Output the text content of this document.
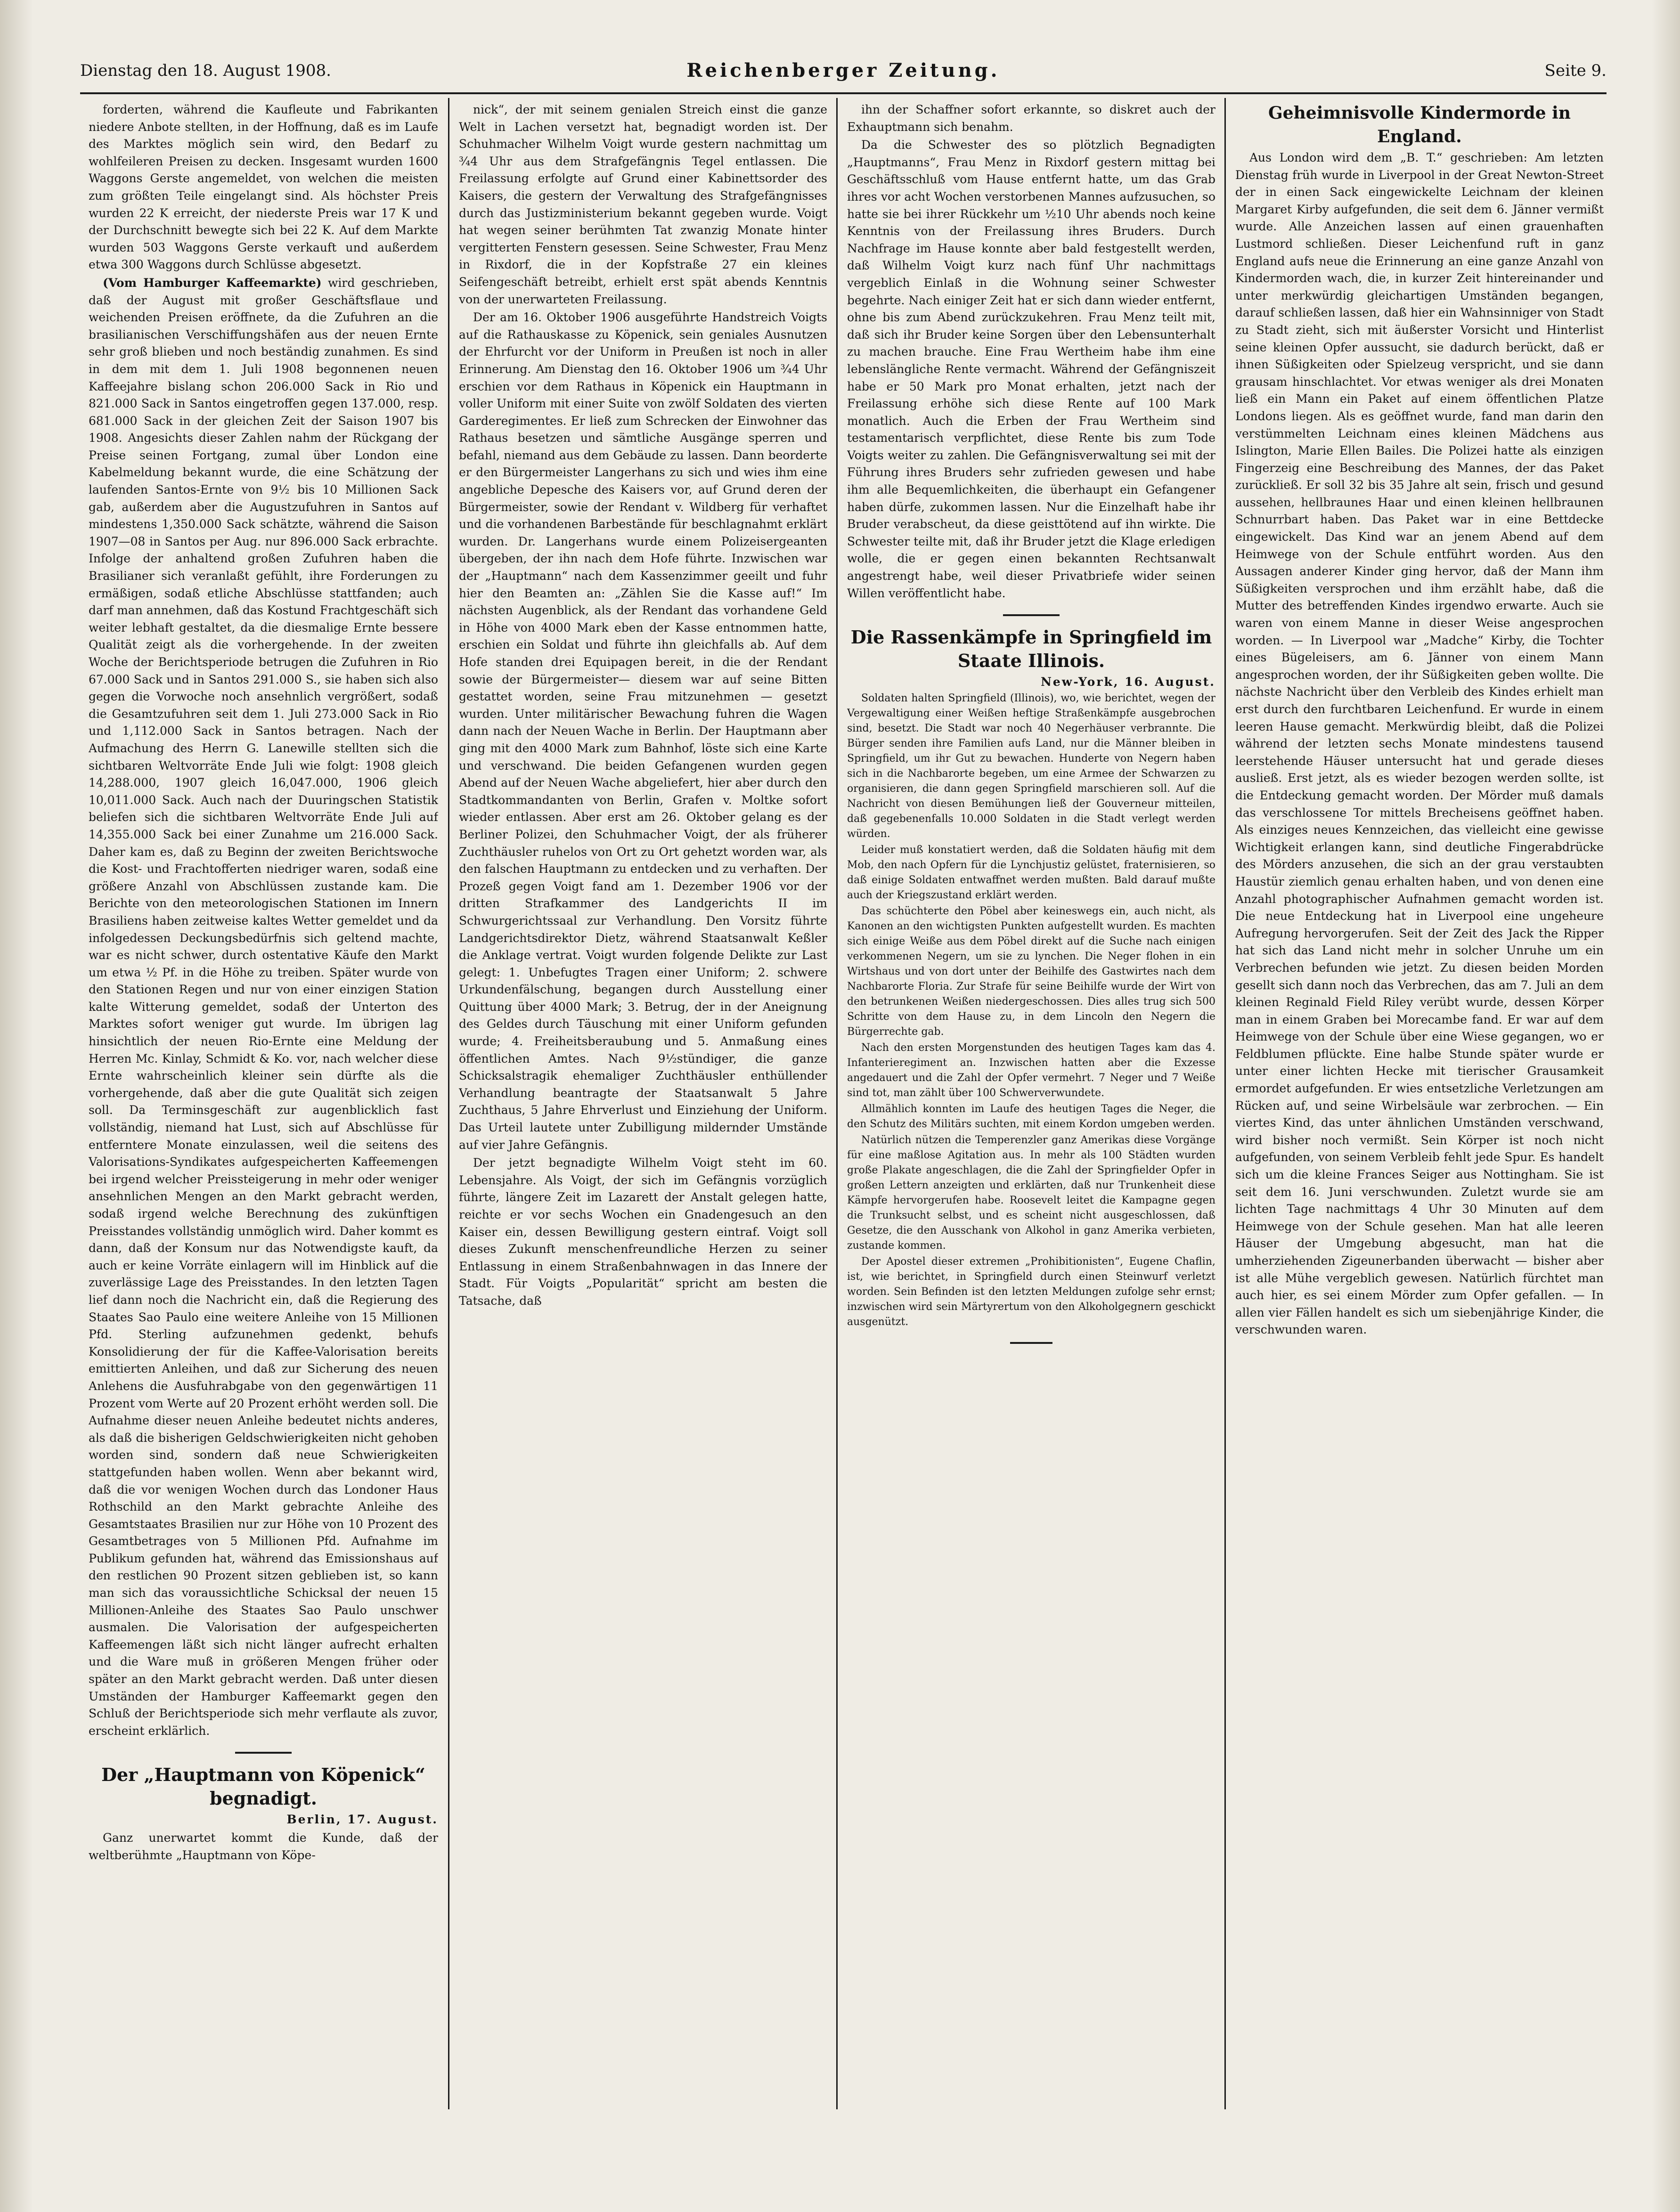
Dienstag den 18. August 1908.	Reichenberger Zeitung.	Seite 9.

forderten, während die Kaufleute und Fabrikanten niedere Anbote stellten, in der Hoffnung, daß es im Laufe des Marktes möglich sein wird, den Bedarf zu wohlfeileren Preisen zu decken. Insgesamt wurden 1600 Waggons Gerste angemeldet, von welchen die meisten zum größten Teile eingelangt sind. Als höchster Preis wurden 22 K erreicht, der niederste Preis war 17 K und der Durchschnitt bewegte sich bei 22 K. Auf dem Markte wurden 503 Waggons Gerste verkauft und außerdem etwa 300 Waggons durch Schlüsse abgesetzt.

(Vom Hamburger Kaffeemarkte) wird geschrieben, daß der August mit großer Geschäftsflaue und weichenden Preisen eröffnete, da die Zufuhren an die brasilianischen Verschiffungshäfen aus der neuen Ernte sehr groß blieben und noch beständig zunahmen. Es sind in dem mit dem 1. Juli 1908 begonnenen neuen Kaffeejahre bislang schon 206.000 Sack in Rio und 821.000 Sack in Santos eingetroffen gegen 137.000, resp. 681.000 Sack in der gleichen Zeit der Saison 1907 bis 1908. Angesichts dieser Zahlen nahm der Rückgang der Preise seinen Fortgang, zumal über London eine Kabelmeldung bekannt wurde, die eine Schätzung der laufenden Santos-Ernte von 9½ bis 10 Millionen Sack gab, außerdem aber die Augustzufuhren in Santos auf mindestens 1,350.000 Sack schätzte, während die Saison 1907—08 in Santos per Aug. nur 896.000 Sack erbrachte. Infolge der anhaltend großen Zufuhren haben die Brasilianer sich veranlaßt gefühlt, ihre Forderungen zu ermäßigen, sodaß etliche Abschlüsse stattfanden; auch darf man annehmen, daß das Kostund Frachtgeschäft sich weiter lebhaft gestaltet, da die diesmalige Ernte bessere Qualität zeigt als die vorhergehende. In der zweiten Woche der Berichtsperiode betrugen die Zufuhren in Rio 67.000 Sack und in Santos 291.000 S., sie haben sich also gegen die Vorwoche noch ansehnlich vergrößert, sodaß die Gesamtzufuhren seit dem 1. Juli 273.000 Sack in Rio und 1,112.000 Sack in Santos betragen. Nach der Aufmachung des Herrn G. Lanewille stellten sich die sichtbaren Weltvorräte Ende Juli wie folgt: 1908 gleich 14,288.000, 1907 gleich 16,047.000, 1906 gleich 10,011.000 Sack. Auch nach der Duuringschen Statistik beliefen sich die sichtbaren Weltvorräte Ende Juli auf 14,355.000 Sack bei einer Zunahme um 216.000 Sack. Daher kam es, daß zu Beginn der zweiten Berichtswoche die Kost- und Frachtofferten niedriger waren, sodaß eine größere Anzahl von Abschlüssen zustande kam. Die Berichte von den meteorologischen Stationen im Innern Brasiliens haben zeitweise kaltes Wetter gemeldet und da infolgedessen Deckungsbedürfnis sich geltend machte, war es nicht schwer, durch ostentative Käufe den Markt um etwa ½ Pf. in die Höhe zu treiben. Später wurde von den Stationen Regen und nur von einer einzigen Station kalte Witterung gemeldet, sodaß der Unterton des Marktes sofort weniger gut wurde. Im übrigen lag hinsichtlich der neuen Rio-Ernte eine Meldung der Herren Mc. Kinlay, Schmidt & Ko. vor, nach welcher diese Ernte wahrscheinlich kleiner sein dürfte als die vorhergehende, daß aber die gute Qualität sich zeigen soll. Da Terminsgeschäft zur augenblicklich fast vollständig, niemand hat Lust, sich auf Abschlüsse für entferntere Monate einzulassen, weil die seitens des Valorisations-Syndikates aufgespeicherten Kaffeemengen bei irgend welcher Preissteigerung in mehr oder weniger ansehnlichen Mengen an den Markt gebracht werden, sodaß irgend welche Berechnung des zukünftigen Preisstandes vollständig unmöglich wird. Daher kommt es dann, daß der Konsum nur das Notwendigste kauft, da auch er keine Vorräte einlagern will im Hinblick auf die zuverlässige Lage des Preisstandes. In den letzten Tagen lief dann noch die Nachricht ein, daß die Regierung des Staates Sao Paulo eine weitere Anleihe von 15 Millionen Pfd. Sterling aufzunehmen gedenkt, behufs Konsolidierung der für die Kaffee-Valorisation bereits emittierten Anleihen, und daß zur Sicherung des neuen Anlehens die Ausfuhrabgabe von den gegenwärtigen 11 Prozent vom Werte auf 20 Prozent erhöht werden soll. Die Aufnahme dieser neuen Anleihe bedeutet nichts anderes, als daß die bisherigen Geldschwierigkeiten nicht gehoben worden sind, sondern daß neue Schwierigkeiten stattgefunden haben wollen. Wenn aber bekannt wird, daß die vor wenigen Wochen durch das Londoner Haus Rothschild an den Markt gebrachte Anleihe des Gesamtstaates Brasilien nur zur Höhe von 10 Prozent des Gesamtbetrages von 5 Millionen Pfd. Aufnahme im Publikum gefunden hat, während das Emissionshaus auf den restlichen 90 Prozent sitzen geblieben ist, so kann man sich das voraussichtliche Schicksal der neuen 15 Millionen-Anleihe des Staates Sao Paulo unschwer ausmalen. Die Valorisation der aufgespeicherten Kaffeemengen läßt sich nicht länger aufrecht erhalten und die Ware muß in größeren Mengen früher oder später an den Markt gebracht werden. Daß unter diesen Umständen der Hamburger Kaffeemarkt gegen den Schluß der Berichtsperiode sich mehr verflaute als zuvor, erscheint erklärlich.

Der „Hauptmann von Köpenick“ begnadigt.

Berlin, 17. August.

Ganz unerwartet kommt die Kunde, daß der weltberühmte „Hauptmann von Köpe-

nick“, der mit seinem genialen Streich einst die ganze Welt in Lachen versetzt hat, begnadigt worden ist. Der Schuhmacher Wilhelm Voigt wurde gestern nachmittag um ¾4 Uhr aus dem Strafgefängnis Tegel entlassen. Die Freilassung erfolgte auf Grund einer Kabinettsorder des Kaisers, die gestern der Verwaltung des Strafgefängnisses durch das Justizministerium bekannt gegeben wurde. Voigt hat wegen seiner berühmten Tat zwanzig Monate hinter vergitterten Fenstern gesessen. Seine Schwester, Frau Menz in Rixdorf, die in der Kopfstraße 27 ein kleines Seifengeschäft betreibt, erhielt erst spät abends Kenntnis von der unerwarteten Freilassung.

Der am 16. Oktober 1906 ausgeführte Handstreich Voigts auf die Rathauskasse zu Köpenick, sein geniales Ausnutzen der Ehrfurcht vor der Uniform in Preußen ist noch in aller Erinnerung. Am Dienstag den 16. Oktober 1906 um ¾4 Uhr erschien vor dem Rathaus in Köpenick ein Hauptmann in voller Uniform mit einer Suite von zwölf Soldaten des vierten Garderegimentes. Er ließ zum Schrecken der Einwohner das Rathaus besetzen und sämtliche Ausgänge sperren und befahl, niemand aus dem Gebäude zu lassen. Dann beorderte er den Bürgermeister Langerhans zu sich und wies ihm eine angebliche Depesche des Kaisers vor, auf Grund deren der Bürgermeister, sowie der Rendant v. Wildberg für verhaftet und die vorhandenen Barbestände für beschlagnahmt erklärt wurden. Dr. Langerhans wurde einem Polizeisergeanten übergeben, der ihn nach dem Hofe führte. Inzwischen war der „Hauptmann“ nach dem Kassenzimmer geeilt und fuhr hier den Beamten an: „Zählen Sie die Kasse auf!“ Im nächsten Augenblick, als der Rendant das vorhandene Geld in Höhe von 4000 Mark eben der Kasse entnommen hatte, erschien ein Soldat und führte ihn gleichfalls ab. Auf dem Hofe standen drei Equipagen bereit, in die der Rendant sowie der Bürgermeister— diesem war auf seine Bitten gestattet worden, seine Frau mitzunehmen — gesetzt wurden. Unter militärischer Bewachung fuhren die Wagen dann nach der Neuen Wache in Berlin. Der Hauptmann aber ging mit den 4000 Mark zum Bahnhof, löste sich eine Karte und verschwand. Die beiden Gefangenen wurden gegen Abend auf der Neuen Wache abgeliefert, hier aber durch den Stadtkommandanten von Berlin, Grafen v. Moltke sofort wieder entlassen. Aber erst am 26. Oktober gelang es der Berliner Polizei, den Schuhmacher Voigt, der als früherer Zuchthäusler ruhelos von Ort zu Ort gehetzt worden war, als den falschen Hauptmann zu entdecken und zu verhaften. Der Prozeß gegen Voigt fand am 1. Dezember 1906 vor der dritten Strafkammer des Landgerichts II im Schwurgerichtssaal zur Verhandlung. Den Vorsitz führte Landgerichtsdirektor Dietz, während Staatsanwalt Keßler die Anklage vertrat. Voigt wurden folgende Delikte zur Last gelegt: 1. Unbefugtes Tragen einer Uniform; 2. schwere Urkundenfälschung, begangen durch Ausstellung einer Quittung über 4000 Mark; 3. Betrug, der in der Aneignung des Geldes durch Täuschung mit einer Uniform gefunden wurde; 4. Freiheitsberaubung und 5. Anmaßung eines öffentlichen Amtes. Nach 9½stündiger, die ganze Schicksalstragik ehemaliger Zuchthäusler enthüllender Verhandlung beantragte der Staatsanwalt 5 Jahre Zuchthaus, 5 Jahre Ehrverlust und Einziehung der Uniform. Das Urteil lautete unter Zubilligung mildernder Umstände auf vier Jahre Gefängnis.

Der jetzt begnadigte Wilhelm Voigt steht im 60. Lebensjahre. Als Voigt, der sich im Gefängnis vorzüglich führte, längere Zeit im Lazarett der Anstalt gelegen hatte, reichte er vor sechs Wochen ein Gnadengesuch an den Kaiser ein, dessen Bewilligung gestern eintraf. Voigt soll dieses Zukunft menschenfreundliche Herzen zu seiner Entlassung in einem Straßenbahnwagen in das Innere der Stadt. Für Voigts „Popularität“ spricht am besten die Tatsache, daß

ihn der Schaffner sofort erkannte, so diskret auch der Exhauptmann sich benahm.

Da die Schwester des so plötzlich Begnadigten „Hauptmanns“, Frau Menz in Rixdorf gestern mittag bei Geschäftsschluß vom Hause entfernt hatte, um das Grab ihres vor acht Wochen verstorbenen Mannes aufzusuchen, so hatte sie bei ihrer Rückkehr um ½10 Uhr abends noch keine Kenntnis von der Freilassung ihres Bruders. Durch Nachfrage im Hause konnte aber bald festgestellt werden, daß Wilhelm Voigt kurz nach fünf Uhr nachmittags vergeblich Einlaß in die Wohnung seiner Schwester begehrte. Nach einiger Zeit hat er sich dann wieder entfernt, ohne bis zum Abend zurückzukehren. Frau Menz teilt mit, daß sich ihr Bruder keine Sorgen über den Lebensunterhalt zu machen brauche. Eine Frau Wertheim habe ihm eine lebenslängliche Rente vermacht. Während der Gefängniszeit habe er 50 Mark pro Monat erhalten, jetzt nach der Freilassung erhöhe sich diese Rente auf 100 Mark monatlich. Auch die Erben der Frau Wertheim sind testamentarisch verpflichtet, diese Rente bis zum Tode Voigts weiter zu zahlen. Die Gefängnisverwaltung sei mit der Führung ihres Bruders sehr zufrieden gewesen und habe ihm alle Bequemlichkeiten, die überhaupt ein Gefangener haben dürfe, zukommen lassen. Nur die Einzelhaft habe ihr Bruder verabscheut, da diese geisttötend auf ihn wirkte. Die Schwester teilte mit, daß ihr Bruder jetzt die Klage erledigen wolle, die er gegen einen bekannten Rechtsanwalt angestrengt habe, weil dieser Privatbriefe wider seinen Willen veröffentlicht habe.

Die Rassenkämpfe in Springfield im Staate Illinois.

New-York, 16. August.

Soldaten halten Springfield (Illinois), wo, wie berichtet, wegen der Vergewaltigung einer Weißen heftige Straßenkämpfe ausgebrochen sind, besetzt. Die Stadt war noch 40 Negerhäuser verbrannte. Die Bürger senden ihre Familien aufs Land, nur die Männer bleiben in Springfield, um ihr Gut zu bewachen. Hunderte von Negern haben sich in die Nachbarorte begeben, um eine Armee der Schwarzen zu organisieren, die dann gegen Springfield marschieren soll. Auf die Nachricht von diesen Bemühungen ließ der Gouverneur mitteilen, daß gegebenenfalls 10.000 Soldaten in die Stadt verlegt werden würden.

Leider muß konstatiert werden, daß die Soldaten häufig mit dem Mob, den nach Opfern für die Lynchjustiz gelüstet, fraternisieren, so daß einige Soldaten entwaffnet werden mußten. Bald darauf mußte auch der Kriegszustand erklärt werden.

Das schüchterte den Pöbel aber keineswegs ein, auch nicht, als Kanonen an den wichtigsten Punkten aufgestellt wurden. Es machten sich einige Weiße aus dem Pöbel direkt auf die Suche nach einigen verkommenen Negern, um sie zu lynchen. Die Neger flohen in ein Wirtshaus und von dort unter der Beihilfe des Gastwirtes nach dem Nachbarorte Floria. Zur Strafe für seine Beihilfe wurde der Wirt von den betrunkenen Weißen niedergeschossen. Dies alles trug sich 500 Schritte von dem Hause zu, in dem Lincoln den Negern die Bürgerrechte gab.

Nach den ersten Morgenstunden des heutigen Tages kam das 4. Infanterieregiment an. Inzwischen hatten aber die Exzesse angedauert und die Zahl der Opfer vermehrt. 7 Neger und 7 Weiße sind tot, man zählt über 100 Schwerverwundete.

Allmählich konnten im Laufe des heutigen Tages die Neger, die den Schutz des Militärs suchten, mit einem Kordon umgeben werden.

Natürlich nützen die Temperenzler ganz Amerikas diese Vorgänge für eine maßlose Agitation aus. In mehr als 100 Städten wurden große Plakate angeschlagen, die die Zahl der Springfielder Opfer in großen Lettern anzeigten und erklärten, daß nur Trunkenheit diese Kämpfe hervorgerufen habe. Roosevelt leitet die Kampagne gegen die Trunksucht selbst, und es scheint nicht ausgeschlossen, daß Gesetze, die den Ausschank von Alkohol in ganz Amerika verbieten, zustande kommen.

Der Apostel dieser extremen „Prohibitionisten“, Eugene Chaflin, ist, wie berichtet, in Springfield durch einen Steinwurf verletzt worden. Sein Befinden ist den letzten Meldungen zufolge sehr ernst; inzwischen wird sein Märtyrertum von den Alkoholgegnern geschickt ausgenützt.

Geheimnisvolle Kindermorde in England.

Aus London wird dem „B. T.“ geschrieben: Am letzten Dienstag früh wurde in Liverpool in der Great Newton-Street der in einen Sack eingewickelte Leichnam der kleinen Margaret Kirby aufgefunden, die seit dem 6. Jänner vermißt wurde. Alle Anzeichen lassen auf einen grauenhaften Lustmord schließen. Dieser Leichenfund ruft in ganz England aufs neue die Erinnerung an eine ganze Anzahl von Kindermorden wach, die, in kurzer Zeit hintereinander und unter merkwürdig gleichartigen Umständen begangen, darauf schließen lassen, daß hier ein Wahnsinniger von Stadt zu Stadt zieht, sich mit äußerster Vorsicht und Hinterlist seine kleinen Opfer aussucht, sie dadurch berückt, daß er ihnen Süßigkeiten oder Spielzeug verspricht, und sie dann grausam hinschlachtet. Vor etwas weniger als drei Monaten ließ ein Mann ein Paket auf einem öffentlichen Platze Londons liegen. Als es geöffnet wurde, fand man darin den verstümmelten Leichnam eines kleinen Mädchens aus Islington, Marie Ellen Bailes. Die Polizei hatte als einzigen Fingerzeig eine Beschreibung des Mannes, der das Paket zurückließ. Er soll 32 bis 35 Jahre alt sein, frisch und gesund aussehen, hellbraunes Haar und einen kleinen hellbraunen Schnurrbart haben. Das Paket war in eine Bettdecke eingewickelt. Das Kind war an jenem Abend auf dem Heimwege von der Schule entführt worden. Aus den Aussagen anderer Kinder ging hervor, daß der Mann ihm Süßigkeiten versprochen und ihm erzählt habe, daß die Mutter des betreffenden Kindes irgendwo erwarte. Auch sie waren von einem Manne in dieser Weise angesprochen worden. — In Liverpool war „Madche“ Kirby, die Tochter eines Bügeleisers, am 6. Jänner von einem Mann angesprochen worden, der ihr Süßigkeiten geben wollte. Die nächste Nachricht über den Verbleib des Kindes erhielt man erst durch den furchtbaren Leichenfund. Er wurde in einem leeren Hause gemacht. Merkwürdig bleibt, daß die Polizei während der letzten sechs Monate mindestens tausend leerstehende Häuser untersucht hat und gerade dieses ausließ. Erst jetzt, als es wieder bezogen werden sollte, ist die Entdeckung gemacht worden. Der Mörder muß damals das verschlossene Tor mittels Brecheisens geöffnet haben. Als einziges neues Kennzeichen, das vielleicht eine gewisse Wichtigkeit erlangen kann, sind deutliche Fingerabdrücke des Mörders anzusehen, die sich an der grau verstaubten Haustür ziemlich genau erhalten haben, und von denen eine Anzahl photographischer Aufnahmen gemacht worden ist. Die neue Entdeckung hat in Liverpool eine ungeheure Aufregung hervorgerufen. Seit der Zeit des Jack the Ripper hat sich das Land nicht mehr in solcher Unruhe um ein Verbrechen befunden wie jetzt. Zu diesen beiden Morden gesellt sich dann noch das Verbrechen, das am 7. Juli an dem kleinen Reginald Field Riley verübt wurde, dessen Körper man in einem Graben bei Morecambe fand. Er war auf dem Heimwege von der Schule über eine Wiese gegangen, wo er Feldblumen pflückte. Eine halbe Stunde später wurde er unter einer lichten Hecke mit tierischer Grausamkeit ermordet aufgefunden. Er wies entsetzliche Verletzungen am Rücken auf, und seine Wirbelsäule war zerbrochen. — Ein viertes Kind, das unter ähnlichen Umständen verschwand, wird bisher noch vermißt. Sein Körper ist noch nicht aufgefunden, von seinem Verbleib fehlt jede Spur. Es handelt sich um die kleine Frances Seiger aus Nottingham. Sie ist seit dem 16. Juni verschwunden. Zuletzt wurde sie am lichten Tage nachmittags 4 Uhr 30 Minuten auf dem Heimwege von der Schule gesehen. Man hat alle leeren Häuser der Umgebung abgesucht, man hat die umherziehenden Zigeunerbanden überwacht — bisher aber ist alle Mühe vergeblich gewesen. Natürlich fürchtet man auch hier, es sei einem Mörder zum Opfer gefallen. — In allen vier Fällen handelt es sich um siebenjährige Kinder, die verschwunden waren.
